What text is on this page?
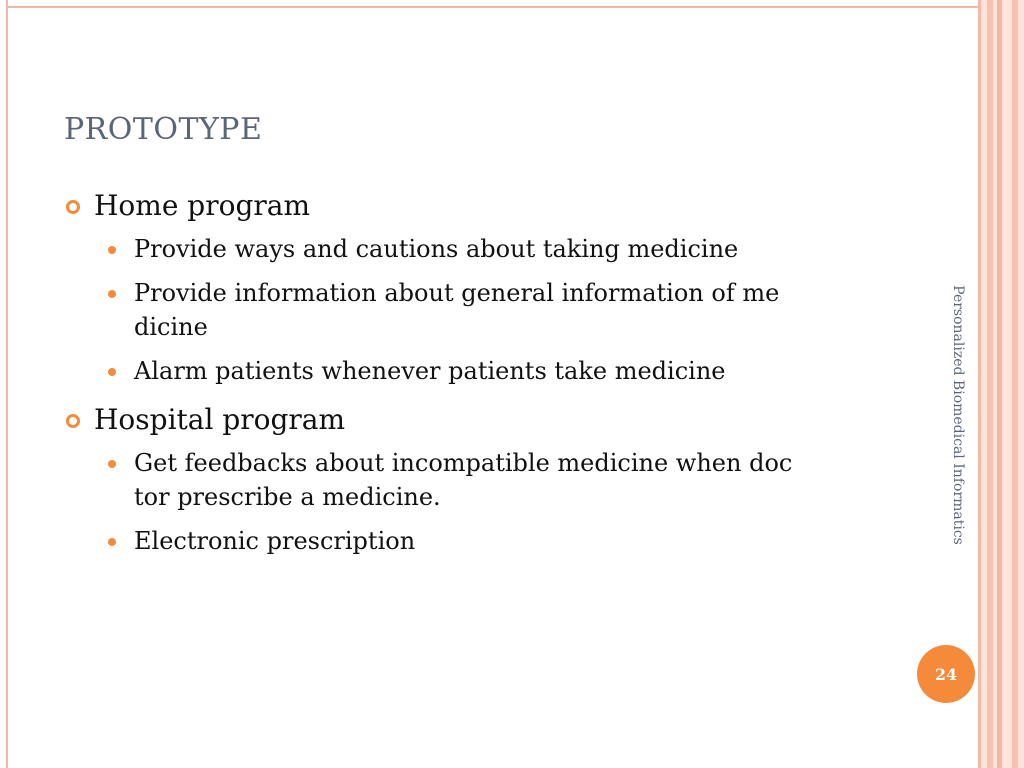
PROTOTYPE
Home program
Provide ways and cautions about taking medicine
Provide information about general information of me
dicine
Alarm patients whenever patients take medicine
Hospital program
Get feedbacks about incompatible medicine when doc
tor prescribe a medicine.
Electronic prescription	Personalized Biomedical Informatics
24
